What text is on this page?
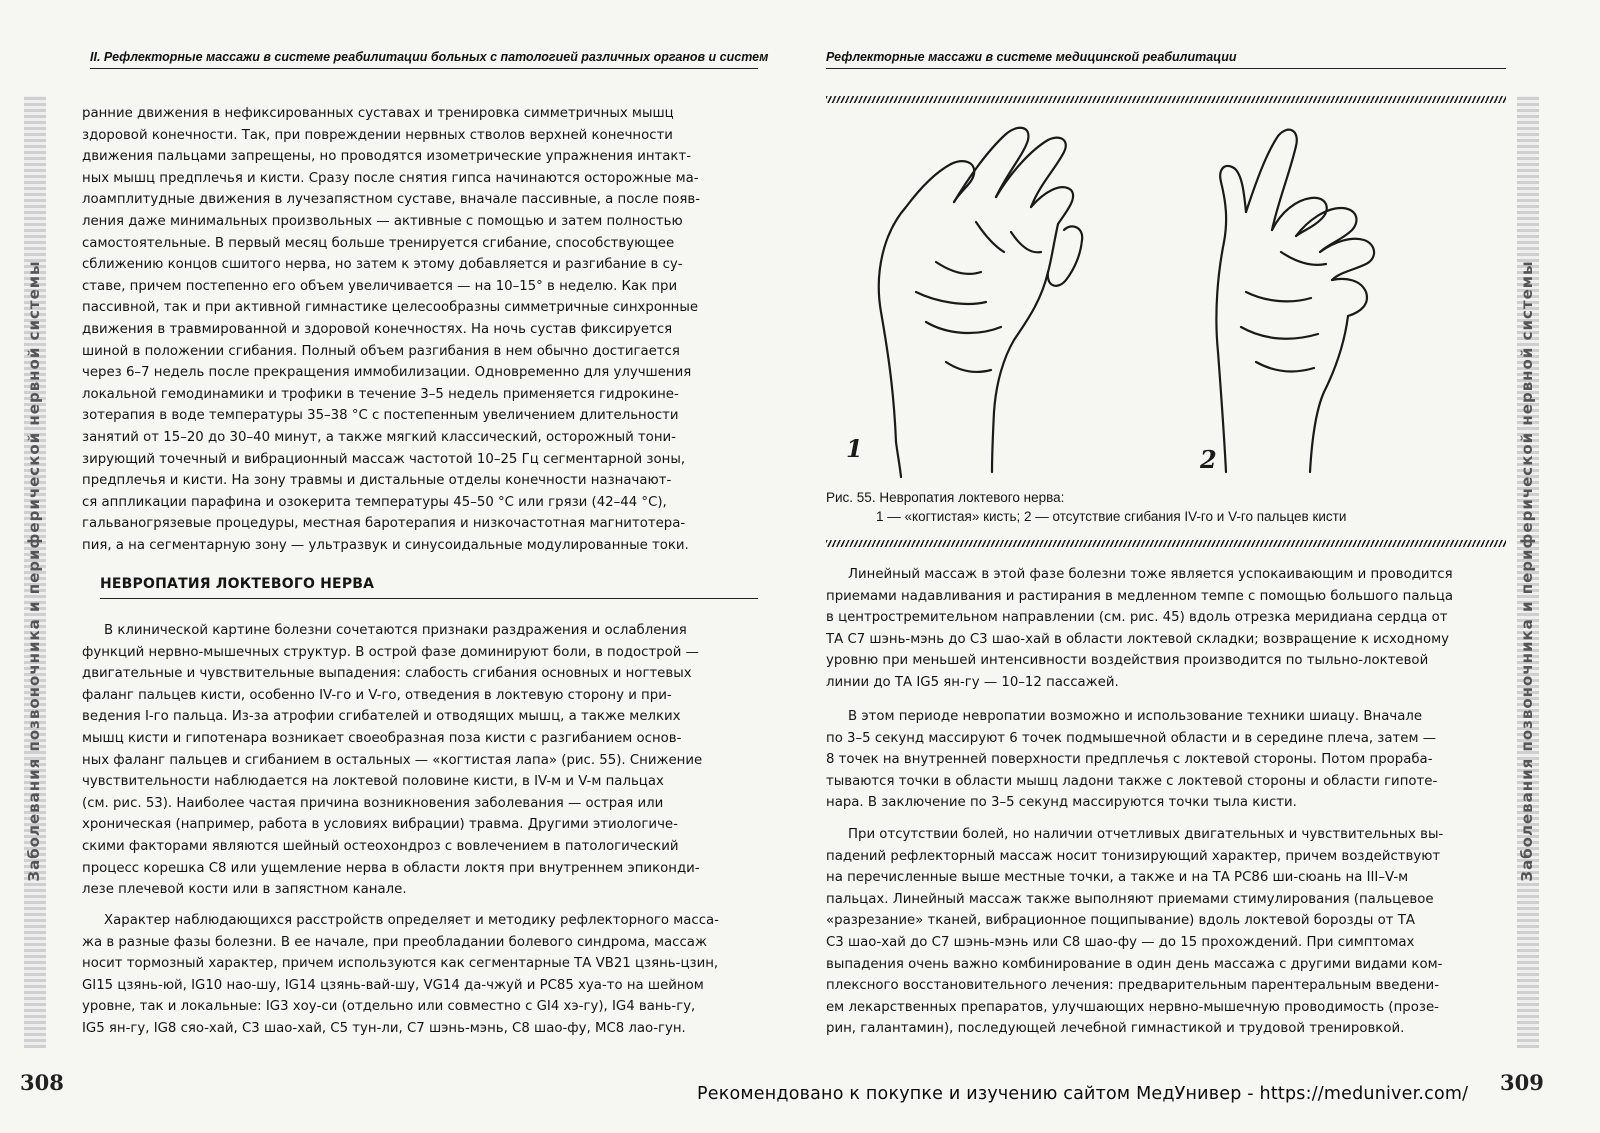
II. Рефлекторные массажи в системе реабилитации больных с патологией различных органов и систем
Заболевания позвоночника и периферической нервной системы
ранние движения в нефиксированных суставах и тренировка симметричных мышц
здоровой конечности. Так, при повреждении нервных стволов верхней конечности
движения пальцами запрещены, но проводятся изометрические упражнения интакт-
ных мышц предплечья и кисти. Сразу после снятия гипса начинаются осторожные ма-
лоамплитудные движения в лучезапястном суставе, вначале пассивные, а после появ-
ления даже минимальных произвольных — активные с помощью и затем полностью
самостоятельные. В первый месяц больше тренируется сгибание, способствующее
сближению концов сшитого нерва, но затем к этому добавляется и разгибание в су-
ставе, причем постепенно его объем увеличивается — на 10–15° в неделю. Как при
пассивной, так и при активной гимнастике целесообразны симметричные синхронные
движения в травмированной и здоровой конечностях. На ночь сустав фиксируется
шиной в положении сгибания. Полный объем разгибания в нем обычно достигается
через 6–7 недель после прекращения иммобилизации. Одновременно для улучшения
локальной гемодинамики и трофики в течение 3–5 недель применяется гидрокине-
зотерапия в воде температуры 35–38 °С с постепенным увеличением длительности
занятий от 15–20 до 30–40 минут, а также мягкий классический, осторожный тони-
зирующий точечный и вибрационный массаж частотой 10–25 Гц сегментарной зоны,
предплечья и кисти. На зону травмы и дистальные отделы конечности назначают-
ся аппликации парафина и озокерита температуры 45–50 °С или грязи (42–44 °С),
гальваногрязевые процедуры, местная баротерапия и низкочастотная магнитотера-
пия, а на сегментарную зону — ультразвук и синусоидальные модулированные токи.
НЕВРОПАТИЯ ЛОКТЕВОГО НЕРВА
В клинической картине болезни сочетаются признаки раздражения и ослабления
функций нервно-мышечных структур. В острой фазе доминируют боли, в подострой —
двигательные и чувствительные выпадения: слабость сгибания основных и ногтевых
фаланг пальцев кисти, особенно IV-го и V-го, отведения в локтевую сторону и при-
ведения I-го пальца. Из-за атрофии сгибателей и отводящих мышц, а также мелких
мышц кисти и гипотенара возникает своеобразная поза кисти с разгибанием основ-
ных фаланг пальцев и сгибанием в остальных — «когтистая лапа» (рис. 55). Снижение
чувствительности наблюдается на локтевой половине кисти, в IV-м и V-м пальцах
(см. рис. 53). Наиболее частая причина возникновения заболевания — острая или
хроническая (например, работа в условиях вибрации) травма. Другими этиологиче-
скими факторами являются шейный остеохондроз с вовлечением в патологический
процесс корешка С8 или ущемление нерва в области локтя при внутреннем эпиконди-
лезе плечевой кости или в запястном канале.
Характер наблюдающихся расстройств определяет и методику рефлекторного масса-
жа в разные фазы болезни. В ее начале, при преобладании болевого синдрома, массаж
носит тормозный характер, причем используются как сегментарные ТА VB21 цзянь-цзин,
GI15 цзянь-юй, IG10 нао-шу, IG14 цзянь-вай-шу, VG14 да-чжуй и РС85 хуа-то на шейном
уровне, так и локальные: IG3 хоу-си (отдельно или совместно с GI4 хэ-гу), IG4 вань-гу,
IG5 ян-гу, IG8 сяо-хай, С3 шао-хай, С5 тун-ли, С7 шэнь-мэнь, С8 шао-фу, МС8 лао-гун.
308
Рефлекторные массажи в системе медицинской реабилитации
1	2
Рис. 55. Невропатия локтевого нерва:
1 — «когтистая» кисть; 2 — отсутствие сгибания IV-го и V-го пальцев кисти
Линейный массаж в этой фазе болезни тоже является успокаивающим и проводится
приемами надавливания и растирания в медленном темпе с помощью большого пальца
в центростремительном направлении (см. рис. 45) вдоль отрезка меридиана сердца от
ТА С7 шэнь-мэнь до С3 шао-хай в области локтевой складки; возвращение к исходному
уровню при меньшей интенсивности воздействия производится по тыльно-локтевой
линии до ТА IG5 ян-гу — 10–12 пассажей.
В этом периоде невропатии возможно и использование техники шиацу. Вначале
по 3–5 секунд массируют 6 точек подмышечной области и в середине плеча, затем —
8 точек на внутренней поверхности предплечья с локтевой стороны. Потом прораба-
тываются точки в области мышц ладони также с локтевой стороны и области гипоте-
нара. В заключение по 3–5 секунд массируются точки тыла кисти.
При отсутствии болей, но наличии отчетливых двигательных и чувствительных вы-
падений рефлекторный массаж носит тонизирующий характер, причем воздействуют
на перечисленные выше местные точки, а также и на ТА РС86 ши-сюань на III–V-м
пальцах. Линейный массаж также выполняют приемами стимулирования (пальцевое
«разрезание» тканей, вибрационное пощипывание) вдоль локтевой борозды от ТА
С3 шао-хай до С7 шэнь-мэнь или С8 шао-фу — до 15 прохождений. При симптомах
выпадения очень важно комбинирование в один день массажа с другими видами ком-
плексного восстановительного лечения: предварительным парентеральным введени-
ем лекарственных препаратов, улучшающих нервно-мышечную проводимость (прозе-
рин, галантамин), последующей лечебной гимнастикой и трудовой тренировкой.
Заболевания позвоночника и периферической нервной системы
309
Рекомендовано к покупке и изучению сайтом МедУнивер - https://meduniver.com/
